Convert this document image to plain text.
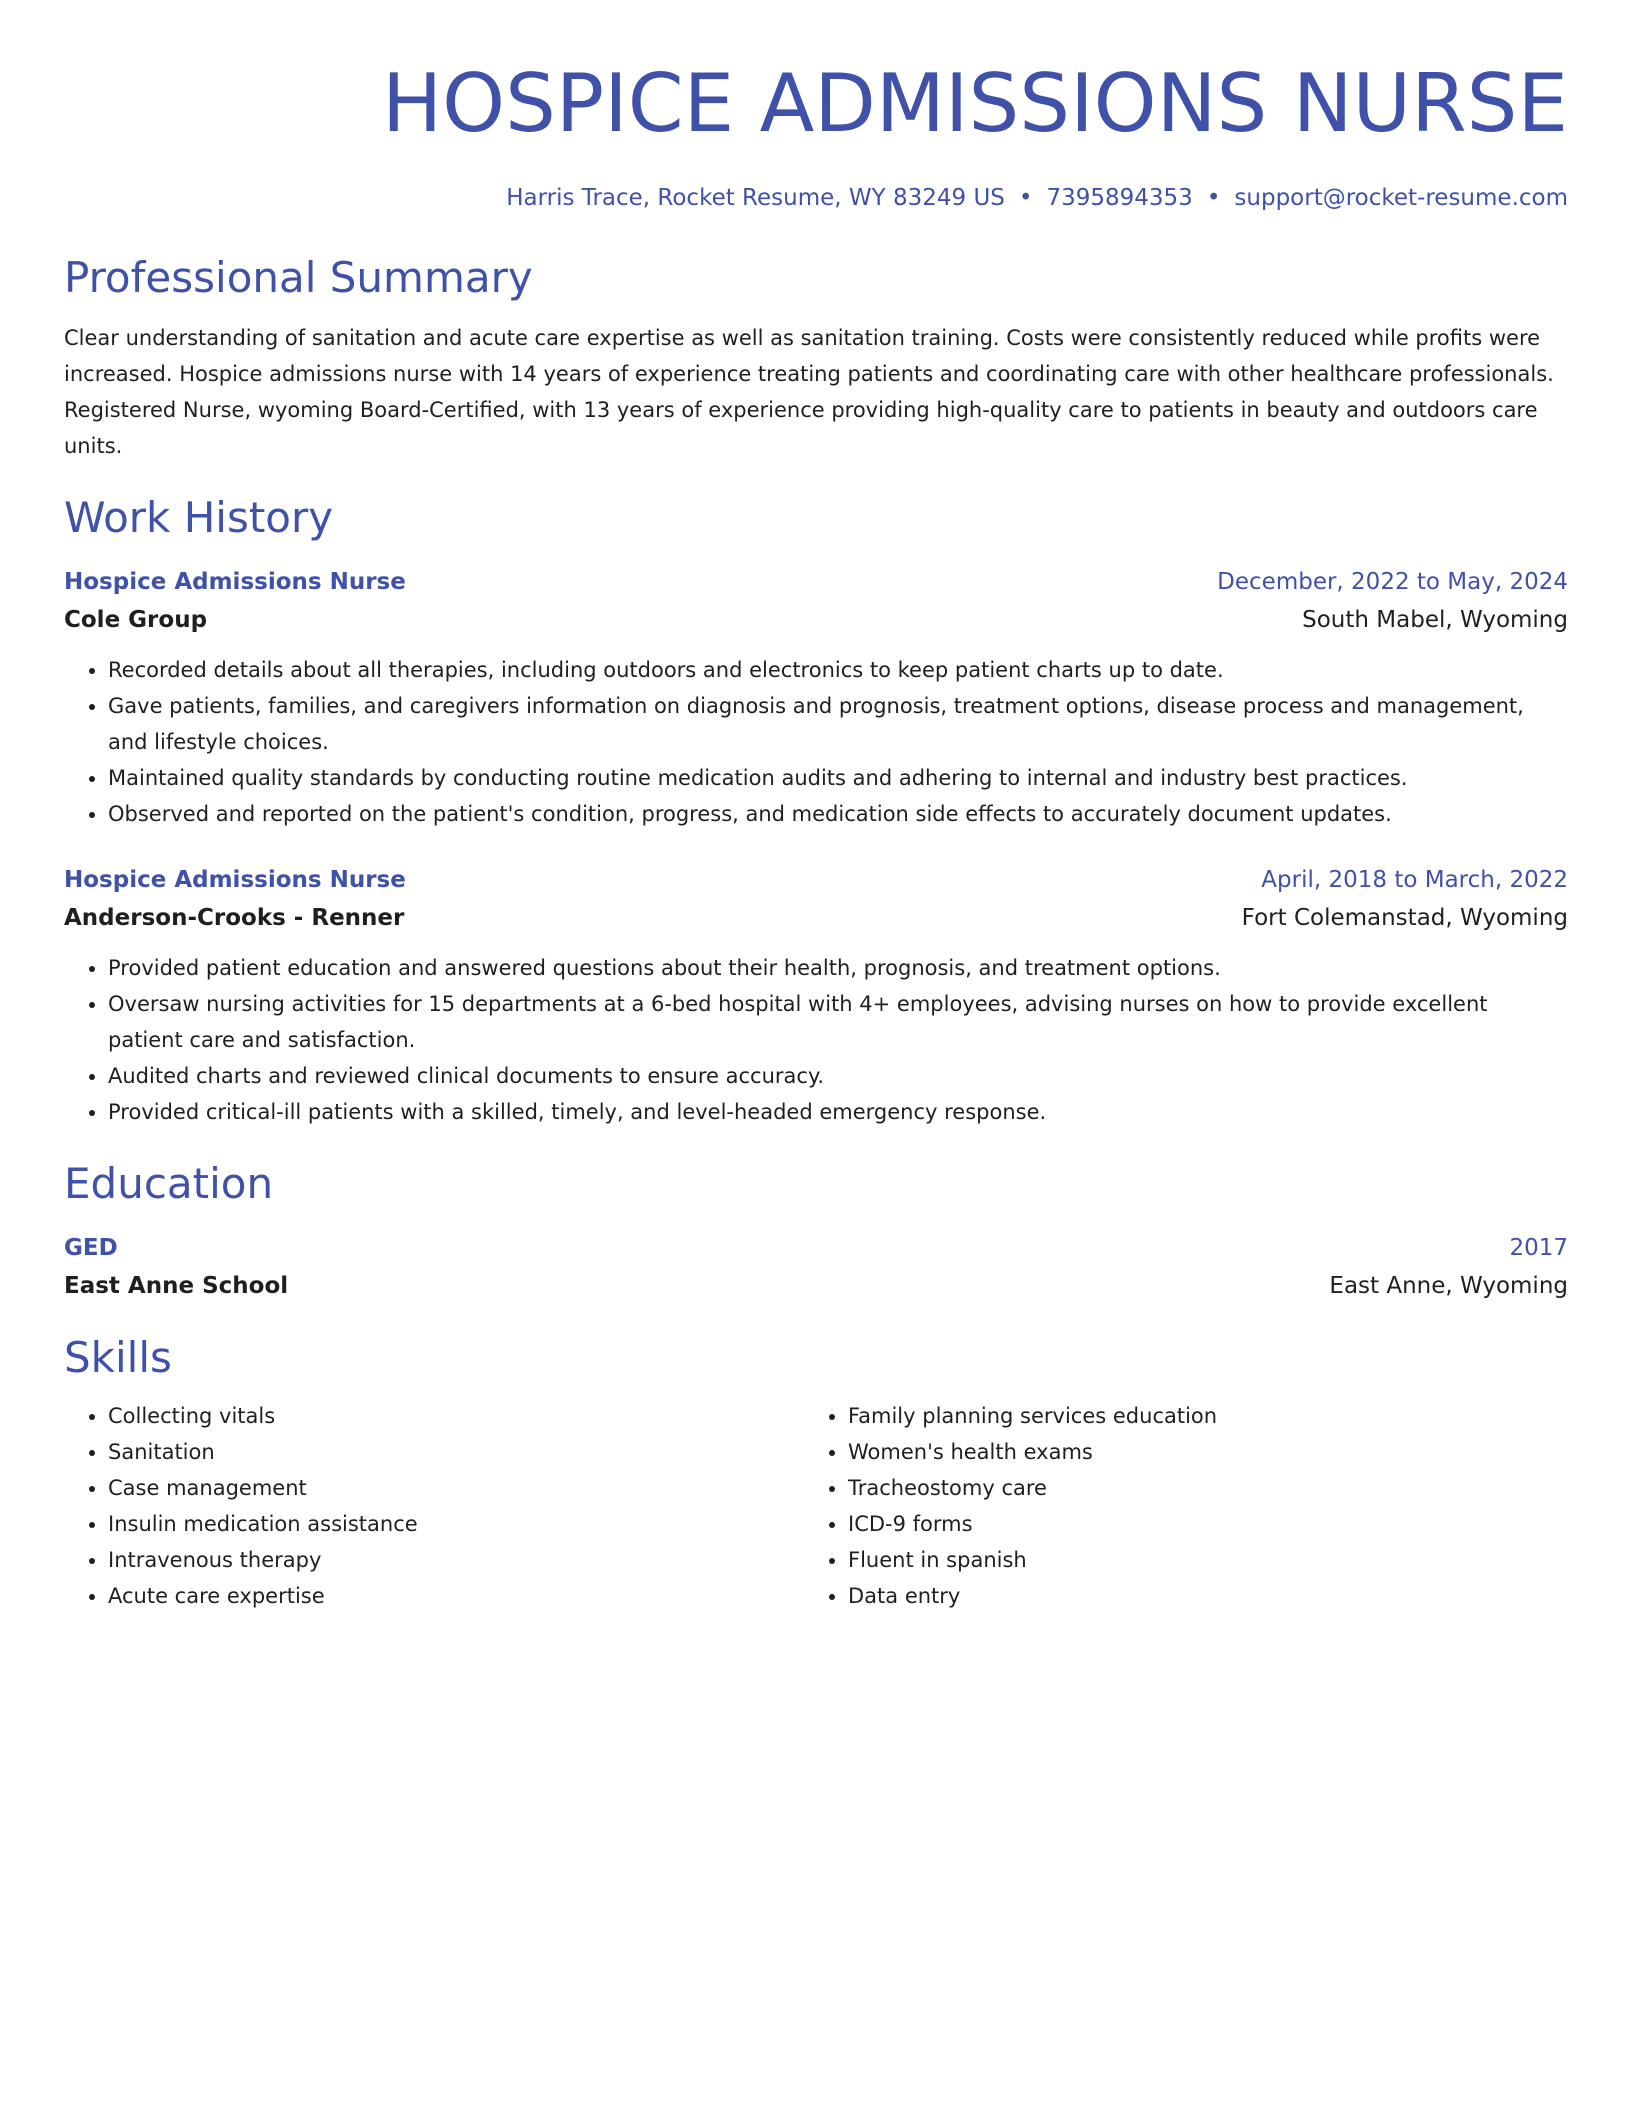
HOSPICE ADMISSIONS NURSE
Harris Trace, Rocket Resume, WY 83249 US • 7395894353 • support@rocket-resume.com
Professional Summary
Clear understanding of sanitation and acute care expertise as well as sanitation training. Costs were consistently reduced while profits were increased. Hospice admissions nurse with 14 years of experience treating patients and coordinating care with other healthcare professionals. Registered Nurse, wyoming Board-Certified, with 13 years of experience providing high-quality care to patients in beauty and outdoors care units.
Work History
Hospice Admissions Nurse	December, 2022 to May, 2024
Cole Group	South Mabel, Wyoming
• Recorded details about all therapies, including outdoors and electronics to keep patient charts up to date.
• Gave patients, families, and caregivers information on diagnosis and prognosis, treatment options, disease process and management, and lifestyle choices.
• Maintained quality standards by conducting routine medication audits and adhering to internal and industry best practices.
• Observed and reported on the patient's condition, progress, and medication side effects to accurately document updates.
Hospice Admissions Nurse	April, 2018 to March, 2022
Anderson-Crooks - Renner	Fort Colemanstad, Wyoming
• Provided patient education and answered questions about their health, prognosis, and treatment options.
• Oversaw nursing activities for 15 departments at a 6-bed hospital with 4+ employees, advising nurses on how to provide excellent patient care and satisfaction.
• Audited charts and reviewed clinical documents to ensure accuracy.
• Provided critical-ill patients with a skilled, timely, and level-headed emergency response.
Education
GED	2017
East Anne School	East Anne, Wyoming
Skills
• Collecting vitals
• Sanitation
• Case management
• Insulin medication assistance
• Intravenous therapy
• Acute care expertise
• Family planning services education
• Women's health exams
• Tracheostomy care
• ICD-9 forms
• Fluent in spanish
• Data entry
